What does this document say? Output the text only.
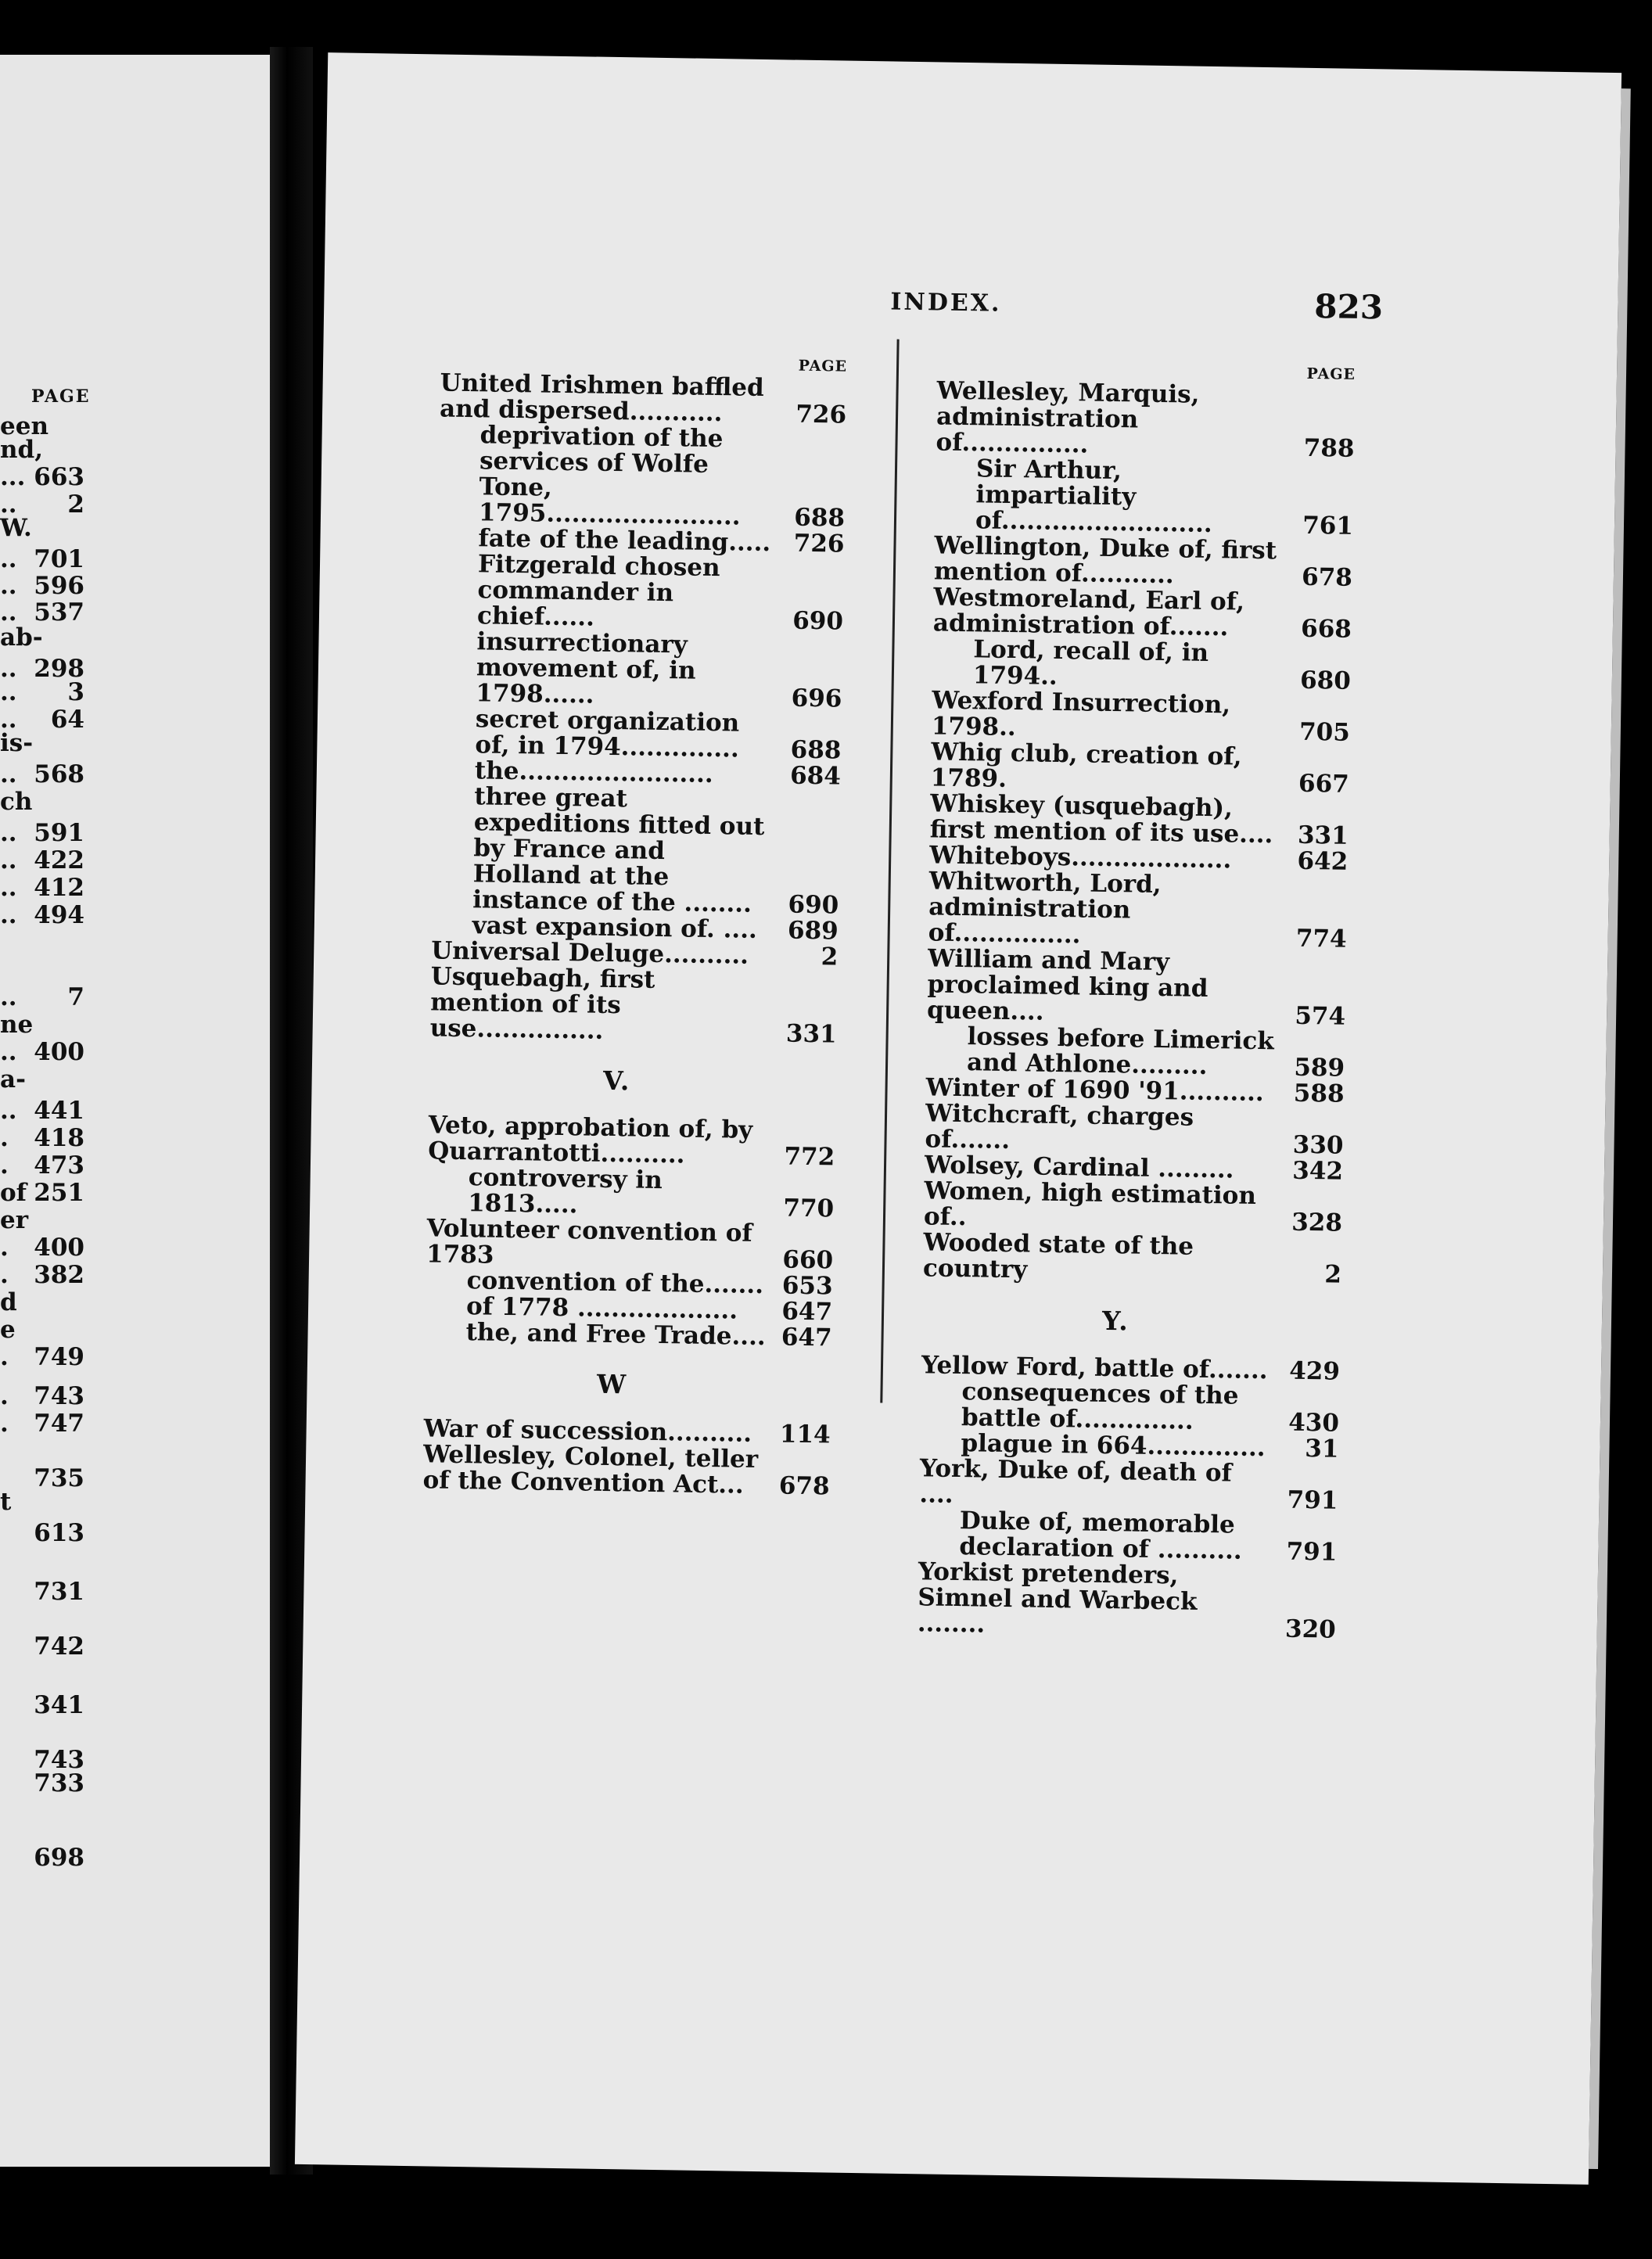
PAGE
een
nd,
... 663
.. 2
W.
.. 701
.. 596
.. 537
ab-
.. 298
.. 3
.. 64
is-
.. 568
ch
.. 591
.. 422
.. 412
.. 494
.. 7
ne
.. 400
a-
.. 441
. 418
. 473
of 251
er
. 400
. 382
d
e
. 749
. 743
. 747
735
t
613
731
742
341
743
733
698
INDEX.	823
PAGE
United Irishmen baffled and dispersed...........	726
deprivation of the services of Wolfe Tone, 1795.......................	688
fate of the leading..... 726
Fitzgerald chosen commander in chief......	690
insurrectionary movement of, in 1798......	696
secret organization of, in 1794..............	688
the.......................	684
three great expeditions fitted out by France and Holland at the instance of the ........	690
vast expansion of. ....	689
Universal Deluge..........	2
Usquebagh, first mention of its use...............	331
V.
Veto, approbation of, by Quarrantotti..........	772
controversy in 1813.....	770
Volunteer convention of 1783	660
convention of the....... 653
of 1778 ...................	647
the, and Free Trade.... 647
W
War of succession..........	114
Wellesley, Colonel, teller of the Convention Act...	678
PAGE
Wellesley, Marquis, administration of...............	788
Sir Arthur, impartiality of.........................	761
Wellington, Duke of, first mention of...........	678
Westmoreland, Earl of, administration of.......	668
Lord, recall of, in 1794..	680
Wexford Insurrection, 1798..	705
Whig club, creation of, 1789.	667
Whiskey (usquebagh), first mention of its use....	331
Whiteboys...................	642
Whitworth, Lord, administration of...............	774
William and Mary proclaimed king and queen....	574
losses before Limerick and Athlone.........	589
Winter of 1690 '91..........	588
Witchcraft, charges of.......	330
Wolsey, Cardinal .........	342
Women, high estimation of..	328
Wooded state of the country	2
Y.
Yellow Ford, battle of....... 429
consequences of the battle of..............	430
plague in 664..............	31
York, Duke of, death of ....	791
Duke of, memorable declaration of ..........	791
Yorkist pretenders, Simnel and Warbeck ........	320
